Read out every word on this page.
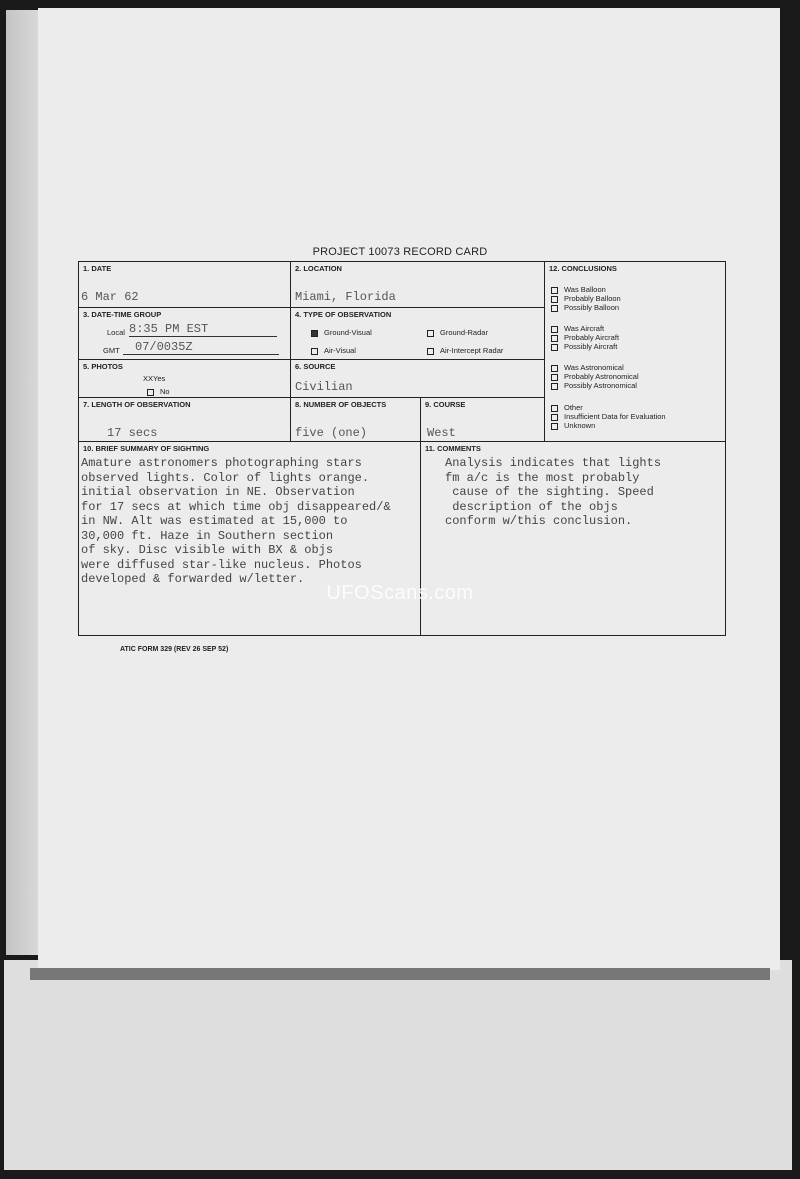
PROJECT 10073 RECORD CARD
1. DATE
6 Mar 62
2. LOCATION
Miami, Florida
3. DATE-TIME GROUP
Local 8:35 PM EST
GMT 07/0035Z
4. TYPE OF OBSERVATION
Ground-Visual	Ground-Radar
Air-Visual	Air-Intercept Radar
5. PHOTOS
XXYes
No
6. SOURCE
Civilian
7. LENGTH OF OBSERVATION
17 secs
8. NUMBER OF OBJECTS
five (one)
9. COURSE
West
12. CONCLUSIONS
Was Balloon
Probably Balloon
Possibly Balloon
Was Aircraft
Probably Aircraft
Possibly Aircraft
Was Astronomical
Probably Astronomical
Possibly Astronomical
Other
Insufficient Data for Evaluation
Unknown
10. BRIEF SUMMARY OF SIGHTING
Amature astronomers photographing stars
observed lights. Color of lights orange.
initial observation in NE. Observation
for 17 secs at which time obj disappeared/&
in NW. Alt was estimated at 15,000 to
30,000 ft. Haze in Southern section
of sky. Disc visible with BX & objs
were diffused star-like nucleus. Photos
developed & forwarded w/letter.
11. COMMENTS
Analysis indicates that lights
fm a/c is the most probably
cause of the sighting. Speed
description of the objs
conform w/this conclusion.
ATIC FORM 329 (REV 26 SEP 52)
UFOScans.com
